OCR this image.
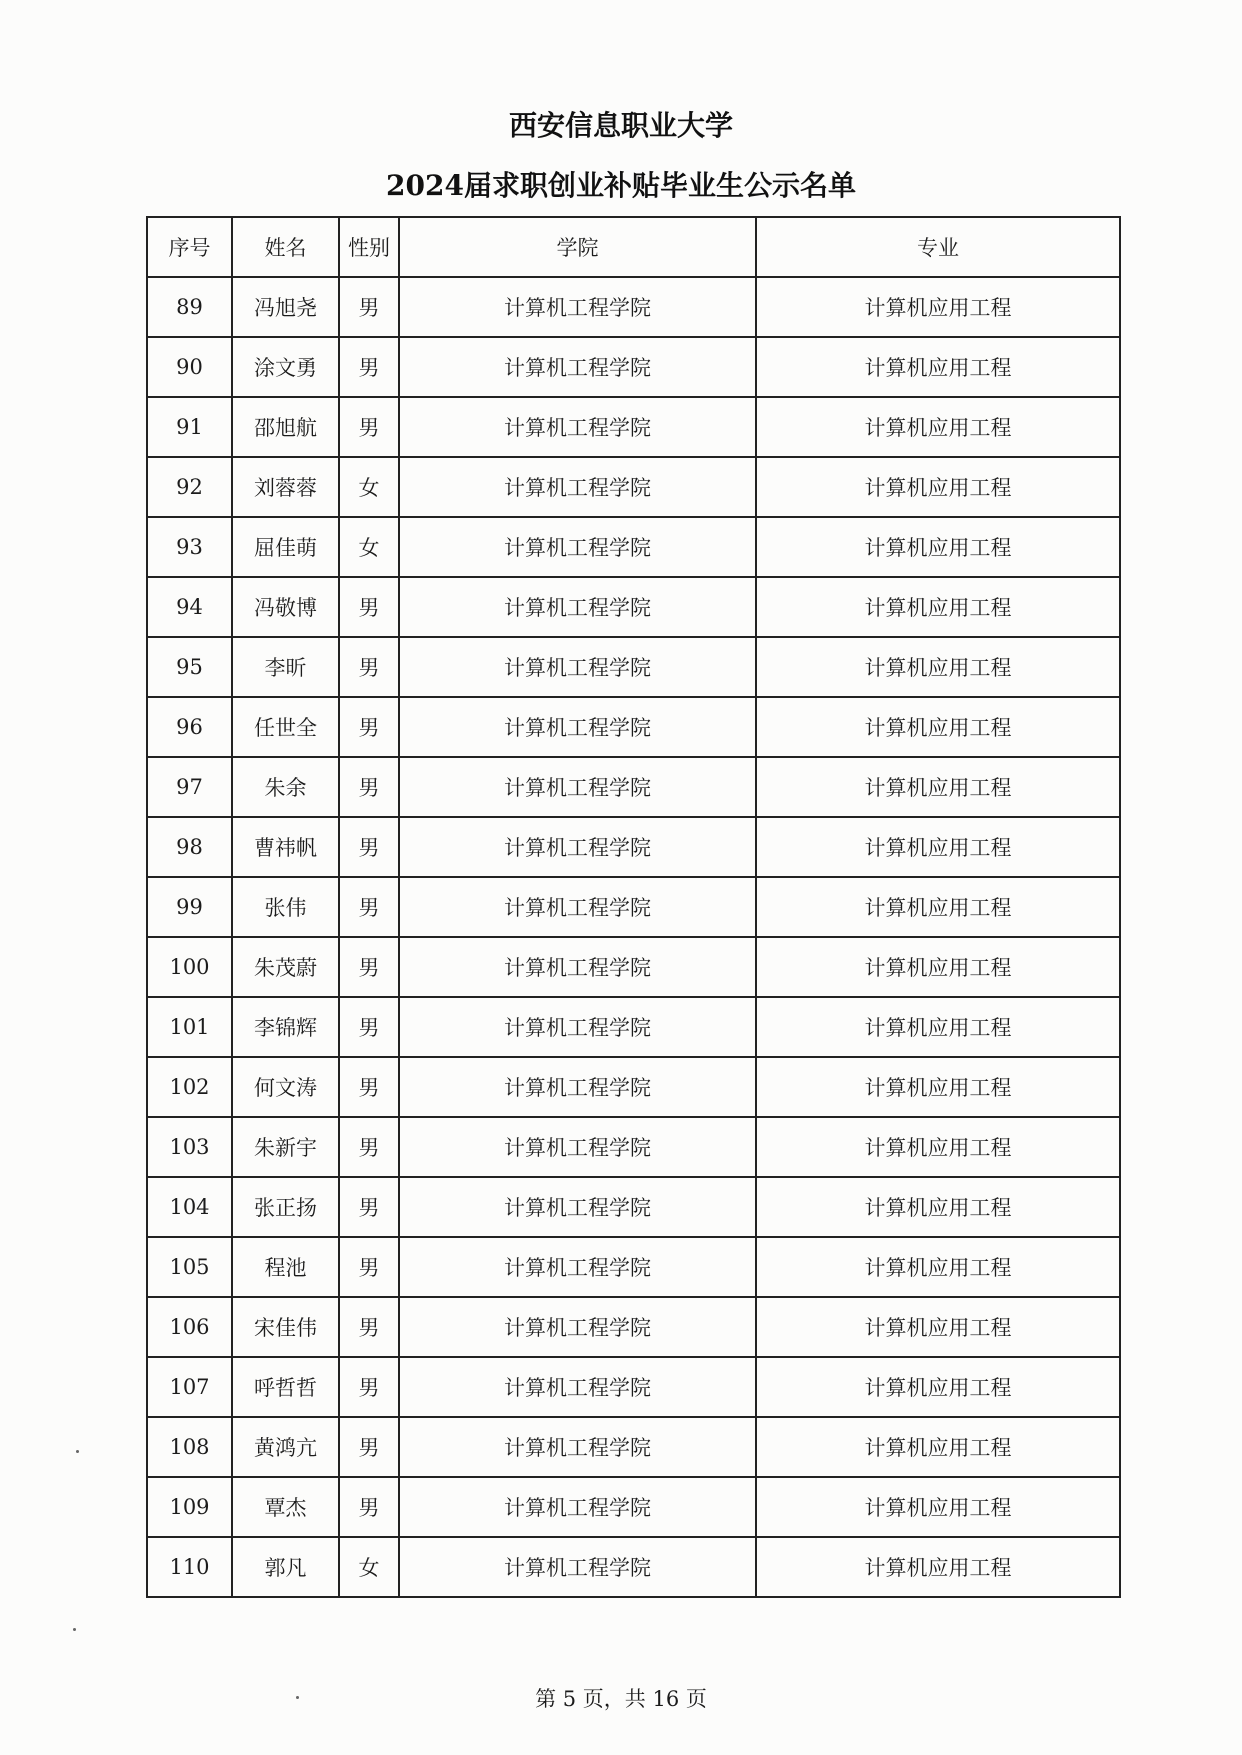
西安信息职业大学
2024届求职创业补贴毕业生公示名单
序号	姓名	性别	学院	专业
89	冯旭尧	男	计算机工程学院	计算机应用工程
90	涂文勇	男	计算机工程学院	计算机应用工程
91	邵旭航	男	计算机工程学院	计算机应用工程
92	刘蓉蓉	女	计算机工程学院	计算机应用工程
93	屈佳萌	女	计算机工程学院	计算机应用工程
94	冯敬博	男	计算机工程学院	计算机应用工程
95	李昕	男	计算机工程学院	计算机应用工程
96	任世全	男	计算机工程学院	计算机应用工程
97	朱余	男	计算机工程学院	计算机应用工程
98	曹祎帆	男	计算机工程学院	计算机应用工程
99	张伟	男	计算机工程学院	计算机应用工程
100	朱茂蔚	男	计算机工程学院	计算机应用工程
101	李锦辉	男	计算机工程学院	计算机应用工程
102	何文涛	男	计算机工程学院	计算机应用工程
103	朱新宇	男	计算机工程学院	计算机应用工程
104	张正扬	男	计算机工程学院	计算机应用工程
105	程池	男	计算机工程学院	计算机应用工程
106	宋佳伟	男	计算机工程学院	计算机应用工程
107	呼哲哲	男	计算机工程学院	计算机应用工程
108	黄鸿亢	男	计算机工程学院	计算机应用工程
109	覃杰	男	计算机工程学院	计算机应用工程
110	郭凡	女	计算机工程学院	计算机应用工程
第 5 页，共 16 页
